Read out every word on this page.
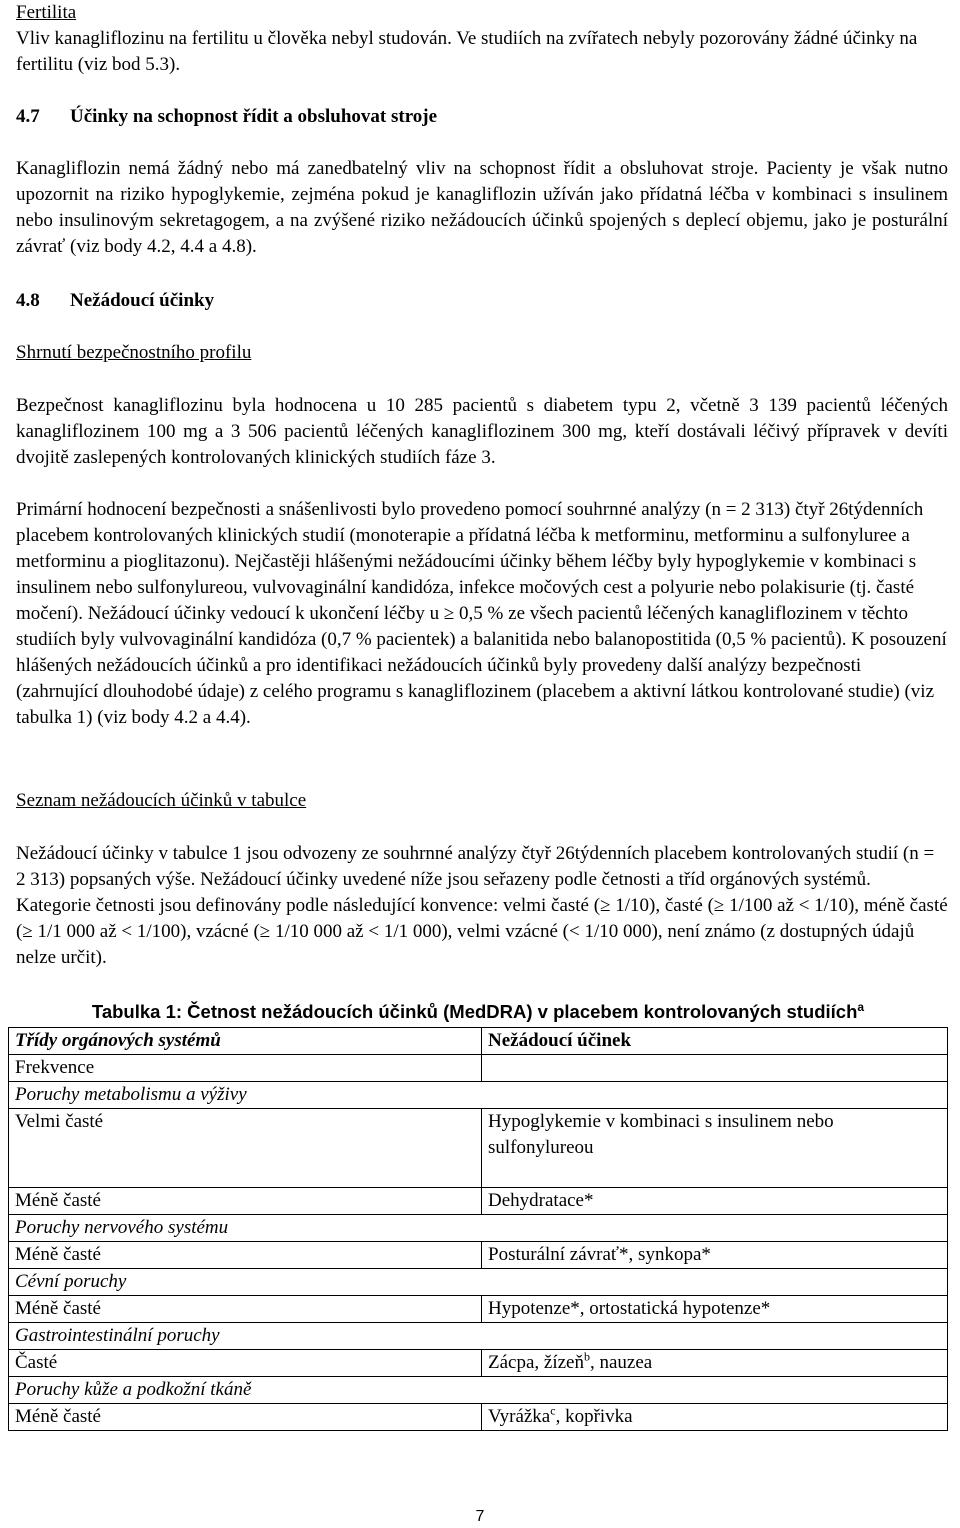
Fertilita

Vliv kanagliflozinu na fertilitu u člověka nebyl studován. Ve studiích na zvířatech nebyly pozorovány žádné účinky na fertilitu (viz bod 5.3).

4.7 Účinky na schopnost řídit a obsluhovat stroje

Kanagliflozin nemá žádný nebo má zanedbatelný vliv na schopnost řídit a obsluhovat stroje. Pacienty je však nutno upozornit na riziko hypoglykemie, zejména pokud je kanagliflozin užíván jako přídatná léčba v kombinaci s insulinem nebo insulinovým sekretagogem, a na zvýšené riziko nežádoucích účinků spojených s deplecí objemu, jako je posturální závrať (viz body 4.2, 4.4 a 4.8).

4.8 Nežádoucí účinky

Shrnutí bezpečnostního profilu

Bezpečnost kanagliflozinu byla hodnocena u 10 285 pacientů s diabetem typu 2, včetně 3 139 pacientů léčených kanagliflozinem 100 mg a 3 506 pacientů léčených kanagliflozinem 300 mg, kteří dostávali léčivý přípravek v devíti dvojitě zaslepených kontrolovaných klinických studiích fáze 3.

Primární hodnocení bezpečnosti a snášenlivosti bylo provedeno pomocí souhrnné analýzy (n = 2 313) čtyř 26týdenních placebem kontrolovaných klinických studií (monoterapie a přídatná léčba k metforminu, metforminu a sulfonyluree a metforminu a pioglitazonu). Nejčastěji hlášenými nežádoucími účinky během léčby byly hypoglykemie v kombinaci s insulinem nebo sulfonylureou, vulvovaginální kandidóza, infekce močových cest a polyurie nebo polakisurie (tj. časté močení). Nežádoucí účinky vedoucí k ukončení léčby u ≥ 0,5 % ze všech pacientů léčených kanagliflozinem v těchto studiích byly vulvovaginální kandidóza (0,7 % pacientek) a balanitida nebo balanopostitida (0,5 % pacientů). K posouzení hlášených nežádoucích účinků a pro identifikaci nežádoucích účinků byly provedeny další analýzy bezpečnosti (zahrnující dlouhodobé údaje) z celého programu s kanagliflozinem (placebem a aktivní látkou kontrolované studie) (viz tabulka 1) (viz body 4.2 a 4.4).

Seznam nežádoucích účinků v tabulce

Nežádoucí účinky v tabulce 1 jsou odvozeny ze souhrnné analýzy čtyř 26týdenních placebem kontrolovaných studií (n = 2 313) popsaných výše. Nežádoucí účinky uvedené níže jsou seřazeny podle četnosti a tříd orgánových systémů. Kategorie četnosti jsou definovány podle následující konvence: velmi časté (≥ 1/10), časté (≥ 1/100 až < 1/10), méně časté (≥ 1/1 000 až < 1/100), vzácné (≥ 1/10 000 až < 1/1 000), velmi vzácné (< 1/10 000), není známo (z dostupných údajů nelze určit).

Tabulka 1: Četnost nežádoucích účinků (MedDRA) v placebem kontrolovaných studiích$^a$
Třídy orgánových systémů	Nežádoucí účinek
Frekvence	
Poruchy metabolismu a výživy	
Velmi časté	Hypoglykemie v kombinaci s insulinem nebo sulfonylureou
Méně časté	Dehydratace*
Poruchy nervového systému	
Méně časté	Posturální závrať*, synkopa*
Cévní poruchy	
Méně časté	Hypotenze*, ortostatická hypotenze*
Gastrointestinální poruchy	
Časté	Zácpa, žízeň$^b$, nauzea
Poruchy kůže a podkožní tkáně	
Méně časté	Vyrážka$^c$, kopřivka
7
